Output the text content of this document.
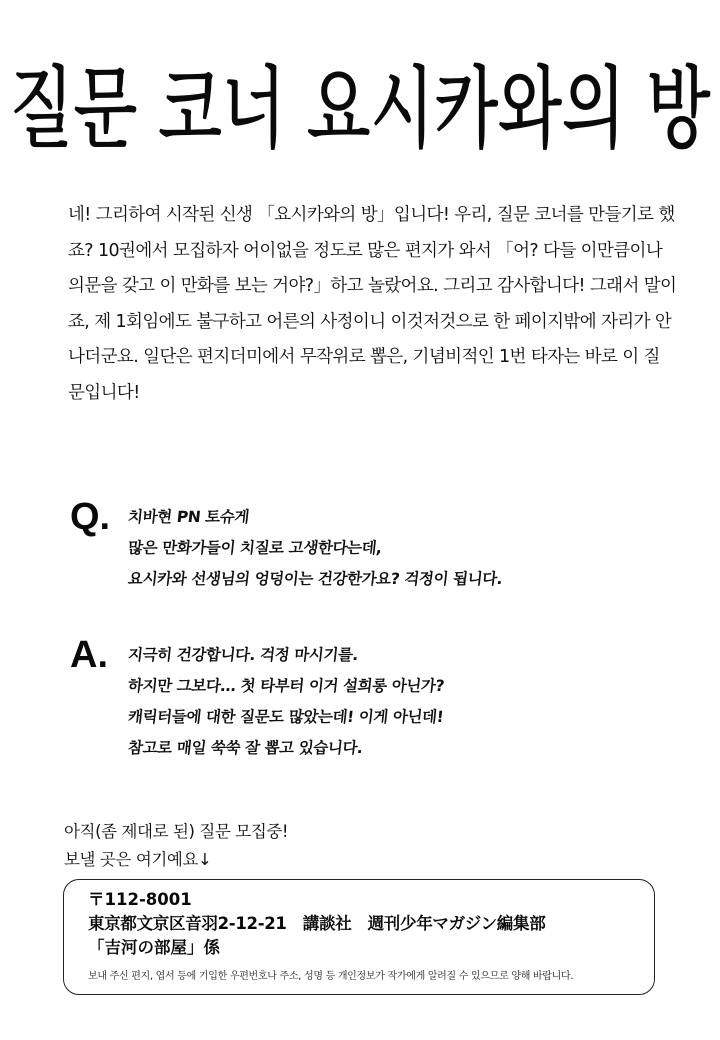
질문 코너 요시카와의 방
네! 그리하여 시작된 신생 「요시카와의 방」입니다! 우리, 질문 코너를 만들기로 했
죠? 10권에서 모집하자 어이없을 정도로 많은 편지가 와서 「어? 다들 이만큼이나
의문을 갖고 이 만화를 보는 거야?」하고 놀랐어요. 그리고 감사합니다! 그래서 말이
죠, 제 1회임에도 불구하고 어른의 사정이니 이것저것으로 한 페이지밖에 자리가 안
나더군요. 일단은 편지더미에서 무작위로 뽑은, 기념비적인 1번 타자는 바로 이 질
문입니다!
Q. 치바현 PN 토슈게
많은 만화가들이 치질로 고생한다는데,
요시카와 선생님의 엉덩이는 건강한가요? 걱정이 됩니다.
A. 지극히 건강합니다. 걱정 마시기를.
하지만 그보다… 첫 타부터 이거 설희롱 아닌가?
캐릭터들에 대한 질문도 많았는데! 이게 아닌데!
참고로 매일 쑥쑥 잘 뽑고 있습니다.
아직(좀 제대로 된) 질문 모집중!
보낼 곳은 여기예요↓
〒112-8001
東京都文京区音羽2-12-21　講談社　週刊少年マガジン編集部
「吉河の部屋」係
보내 주신 편지, 엽서 등에 기입한 우편번호나 주소, 성명 등 개인정보가 작가에게 알려질 수 있으므로 양해 바랍니다.
